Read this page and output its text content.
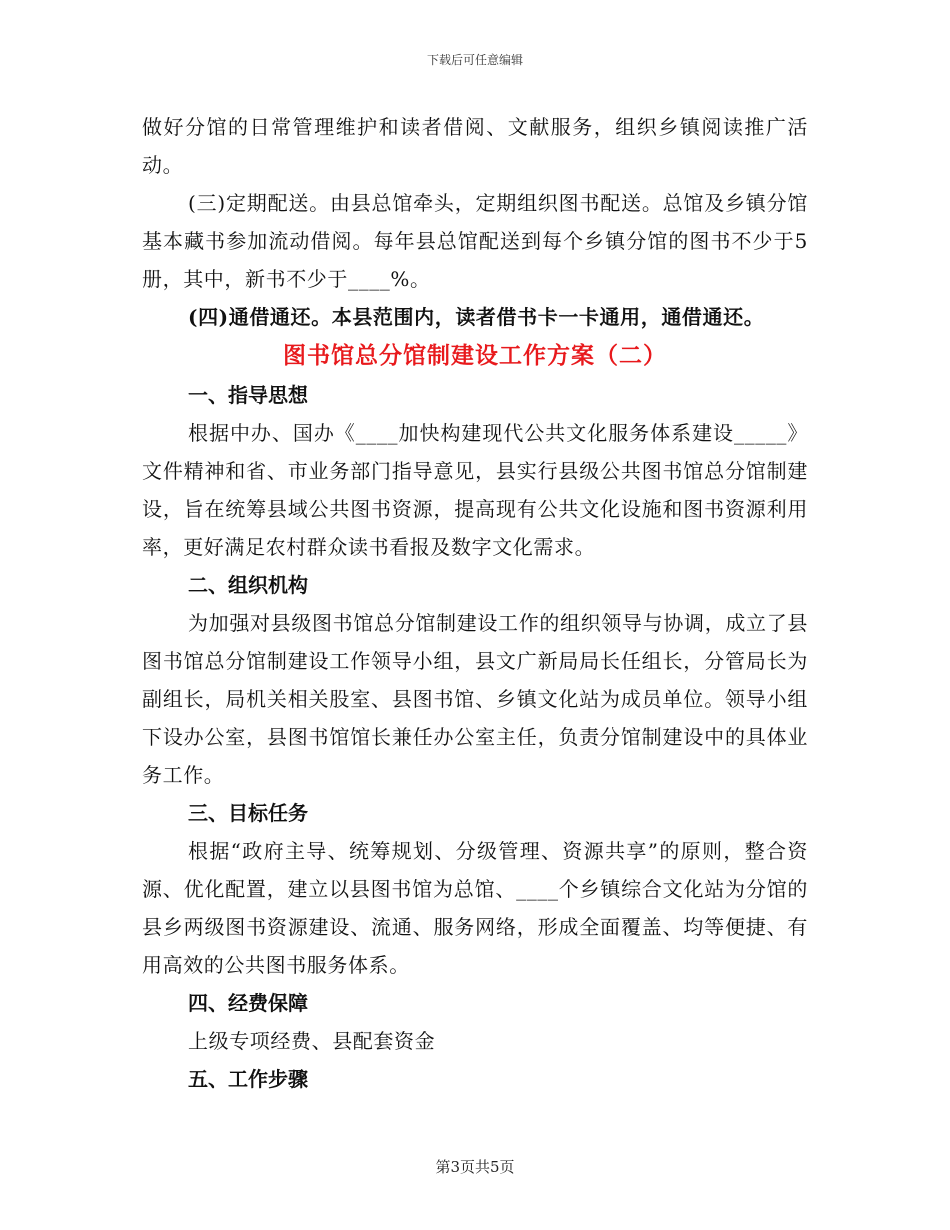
下载后可任意编辑

做好分馆的日常管理维护和读者借阅、文献服务，组织乡镇阅读推广活动。

(三)定期配送。由县总馆牵头，定期组织图书配送。总馆及乡镇分馆基本藏书参加流动借阅。每年县总馆配送到每个乡镇分馆的图书不少于5册，其中，新书不少于____%。

(四)通借通还。本县范围内，读者借书卡一卡通用，通借通还。

图书馆总分馆制建设工作方案（二）

一、指导思想

根据中办、国办《____加快构建现代公共文化服务体系建设_____》文件精神和省、市业务部门指导意见，县实行县级公共图书馆总分馆制建设，旨在统筹县域公共图书资源，提高现有公共文化设施和图书资源利用率，更好满足农村群众读书看报及数字文化需求。

二、组织机构

为加强对县级图书馆总分馆制建设工作的组织领导与协调，成立了县图书馆总分馆制建设工作领导小组，县文广新局局长任组长，分管局长为副组长，局机关相关股室、县图书馆、乡镇文化站为成员单位。领导小组下设办公室，县图书馆馆长兼任办公室主任，负责分馆制建设中的具体业务工作。

三、目标任务

根据“政府主导、统筹规划、分级管理、资源共享”的原则，整合资源、优化配置，建立以县图书馆为总馆、____个乡镇综合文化站为分馆的县乡两级图书资源建设、流通、服务网络，形成全面覆盖、均等便捷、有用高效的公共图书服务体系。

四、经费保障

上级专项经费、县配套资金

五、工作步骤

第3页共5页
